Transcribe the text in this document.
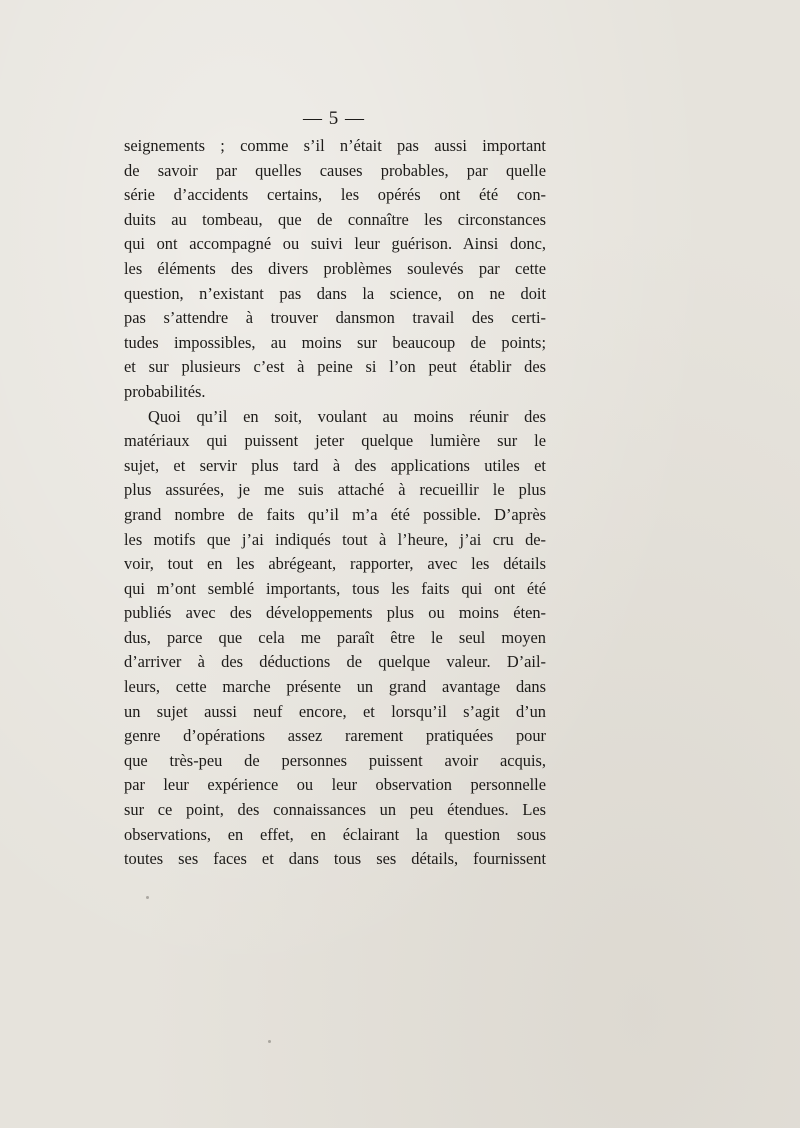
— 5 —
seignements ; comme s’il n’était pas aussi important
de savoir par quelles causes probables, par quelle
série d’accidents certains, les opérés ont été con-
duits au tombeau, que de connaître les circonstances
qui ont accompagné ou suivi leur guérison. Ainsi donc,
les éléments des divers problèmes soulevés par cette
question, n’existant pas dans la science, on ne doit
pas s’attendre à trouver dansmon travail des certi-
tudes impossibles, au moins sur beaucoup de points;
et sur plusieurs c’est à peine si l’on peut établir des
probabilités.
Quoi qu’il en soit, voulant au moins réunir des
matériaux qui puissent jeter quelque lumière sur le
sujet, et servir plus tard à des applications utiles et
plus assurées, je me suis attaché à recueillir le plus
grand nombre de faits qu’il m’a été possible. D’après
les motifs que j’ai indiqués tout à l’heure, j’ai cru de-
voir, tout en les abrégeant, rapporter, avec les détails
qui m’ont semblé importants, tous les faits qui ont été
publiés avec des développements plus ou moins éten-
dus, parce que cela me paraît être le seul moyen
d’arriver à des déductions de quelque valeur. D’ail-
leurs, cette marche présente un grand avantage dans
un sujet aussi neuf encore, et lorsqu’il s’agit d’un
genre d’opérations assez rarement pratiquées pour
que très-peu de personnes puissent avoir acquis,
par leur expérience ou leur observation personnelle
sur ce point, des connaissances un peu étendues. Les
observations, en effet, en éclairant la question sous
toutes ses faces et dans tous ses détails, fournissent
